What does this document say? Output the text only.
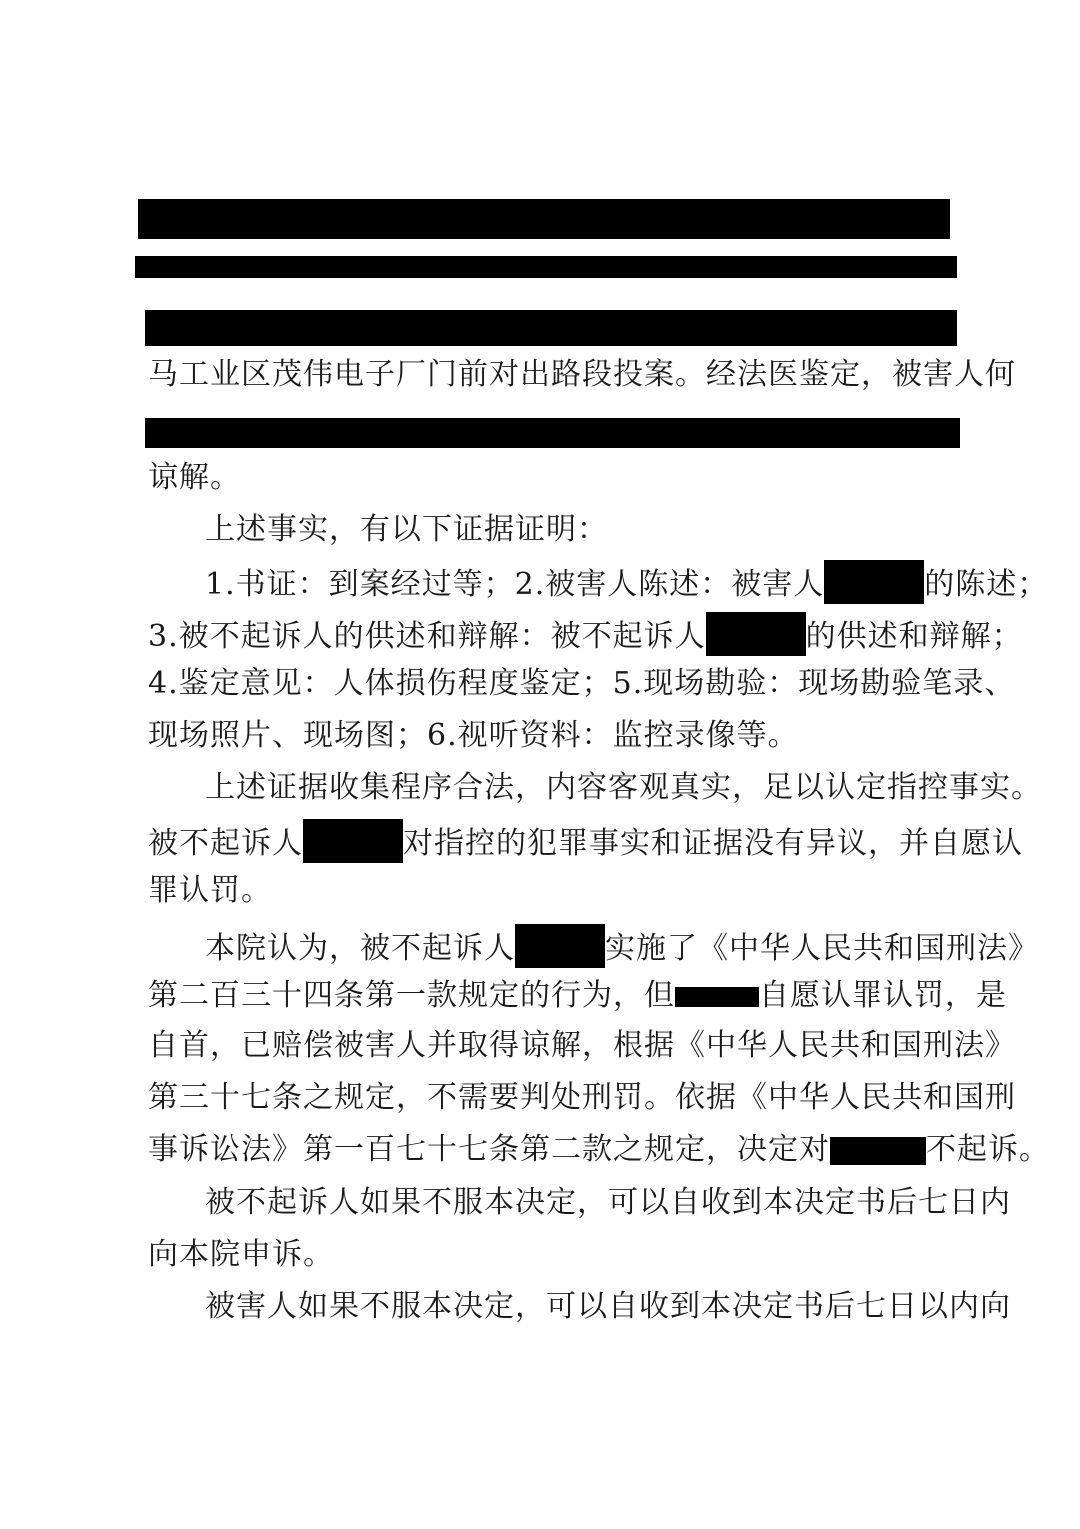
马工业区茂伟电子厂门前对出路段投案。经法医鉴定，被害人何
谅解。
上述事实，有以下证据证明：
1.书证：到案经过等；2.被害人陈述：被害人	的陈述；
3.被不起诉人的供述和辩解：被不起诉人	的供述和辩解；
4.鉴定意见：人体损伤程度鉴定；5.现场勘验：现场勘验笔录、
现场照片、现场图；6.视听资料：监控录像等。
上述证据收集程序合法，内容客观真实，足以认定指控事实。
被不起诉人	对指控的犯罪事实和证据没有异议，并自愿认
罪认罚。
本院认为，被不起诉人	实施了《中华人民共和国刑法》
第二百三十四条第一款规定的行为，但	自愿认罪认罚，是
自首，已赔偿被害人并取得谅解，根据《中华人民共和国刑法》
第三十七条之规定，不需要判处刑罚。依据《中华人民共和国刑
事诉讼法》第一百七十七条第二款之规定，决定对	不起诉。
被不起诉人如果不服本决定，可以自收到本决定书后七日内
向本院申诉。
被害人如果不服本决定，可以自收到本决定书后七日以内向
